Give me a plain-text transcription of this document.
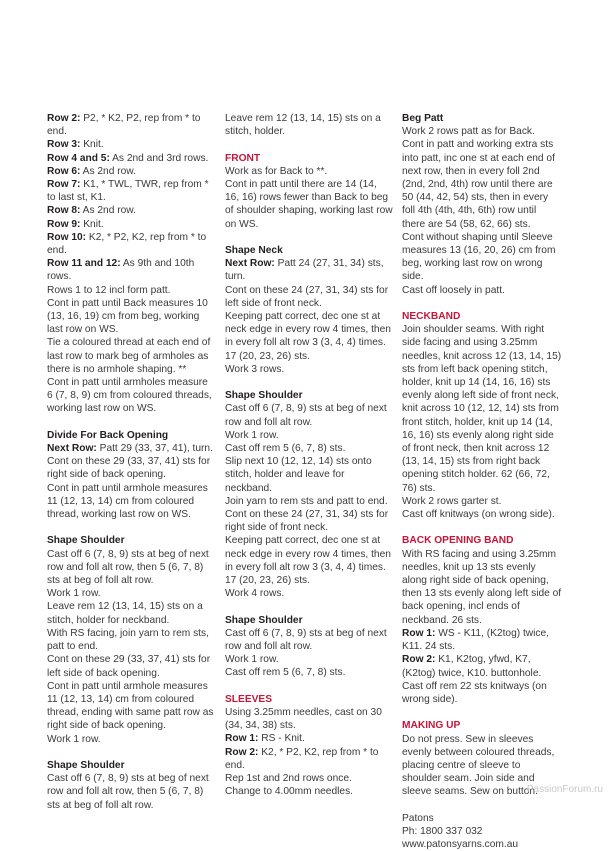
Row 2: P2, * K2, P2, rep from * to end.

Row 3: Knit.

Row 4 and 5: As 2nd and 3rd rows.

Row 6: As 2nd row.

Row 7: K1, * TWL, TWR, rep from * to last st, K1.

Row 8: As 2nd row.

Row 9: Knit.

Row 10: K2, * P2, K2, rep from * to end.

Row 11 and 12: As 9th and 10th rows.

Rows 1 to 12 incl form patt.

Cont in patt until Back measures 10 (13, 16, 19) cm from beg, working last row on WS.

Tie a coloured thread at each end of last row to mark beg of armholes as there is no armhole shaping. **

Cont in patt until armholes measure 6 (7, 8, 9) cm from coloured threads, working last row on WS.

Divide For Back Opening

Next Row: Patt 29 (33, 37, 41), turn.

Cont on these 29 (33, 37, 41) sts for right side of back opening.

Cont in patt until armhole measures 11 (12, 13, 14) cm from coloured thread, working last row on WS.

Shape Shoulder

Cast off 6 (7, 8, 9) sts at beg of next row and foll alt row, then 5 (6, 7, 8) sts at beg of foll alt row.

Work 1 row.

Leave rem 12 (13, 14, 15) sts on a stitch, holder for neckband.

With RS facing, join yarn to rem sts, patt to end.

Cont on these 29 (33, 37, 41) sts for left side of back opening.

Cont in patt until armhole measures 11 (12, 13, 14) cm from coloured thread, ending with same patt row as right side of back opening.

Work 1 row.

Shape Shoulder

Cast off 6 (7, 8, 9) sts at beg of next row and foll alt row, then 5 (6, 7, 8) sts at beg of foll alt row.

Leave rem 12 (13, 14, 15) sts on a stitch, holder.

FRONT

Work as for Back to **.

Cont in patt until there are 14 (14, 16, 16) rows fewer than Back to beg of shoulder shaping, working last row on WS.

Shape Neck

Next Row: Patt 24 (27, 31, 34) sts, turn.

Cont on these 24 (27, 31, 34) sts for left side of front neck.

Keeping patt correct, dec one st at neck edge in every row 4 times, then in every foll alt row 3 (3, 4, 4) times. 17 (20, 23, 26) sts.

Work 3 rows.

Shape Shoulder

Cast off 6 (7, 8, 9) sts at beg of next row and foll alt row.

Work 1 row.

Cast off rem 5 (6, 7, 8) sts.

Slip next 10 (12, 12, 14) sts onto stitch, holder and leave for neckband.

Join yarn to rem sts and patt to end.

Cont on these 24 (27, 31, 34) sts for right side of front neck.

Keeping patt correct, dec one st at neck edge in every row 4 times, then in every foll alt row 3 (3, 4, 4) times. 17 (20, 23, 26) sts.

Work 4 rows.

Shape Shoulder

Cast off 6 (7, 8, 9) sts at beg of next row and foll alt row.

Work 1 row.

Cast off rem 5 (6, 7, 8) sts.

SLEEVES

Using 3.25mm needles, cast on 30 (34, 34, 38) sts.

Row 1: RS - Knit.

Row 2: K2, * P2, K2, rep from * to end.

Rep 1st and 2nd rows once.

Change to 4.00mm needles.

Beg Patt

Work 2 rows patt as for Back.

Cont in patt and working extra sts into patt, inc one st at each end of next row, then in every foll 2nd (2nd, 2nd, 4th) row until there are 50 (44, 42, 54) sts, then in every foll 4th (4th, 4th, 6th) row until there are 54 (58, 62, 66) sts.

Cont without shaping until Sleeve measures 13 (16, 20, 26) cm from beg, working last row on wrong side.

Cast off loosely in patt.

NECKBAND

Join shoulder seams. With right side facing and using 3.25mm needles, knit across 12 (13, 14, 15) sts from left back opening stitch, holder, knit up 14 (14, 16, 16) sts evenly along left side of front neck, knit across 10 (12, 12, 14) sts from front stitch, holder, knit up 14 (14, 16, 16) sts evenly along right side of front neck, then knit across 12 (13, 14, 15) sts from right back opening stitch holder. 62 (66, 72, 76) sts.

Work 2 rows garter st.

Cast off knitways (on wrong side).

BACK OPENING BAND

With RS facing and using 3.25mm needles, knit up 13 sts evenly along right side of back opening, then 13 sts evenly along left side of back opening, incl ends of neckband. 26 sts.

Row 1: WS - K11, (K2tog) twice, K11. 24 sts.

Row 2: K1, K2tog, yfwd, K7, (K2tog) twice, K10. buttonhole.

Cast off rem 22 sts knitways (on wrong side).

MAKING UP

Do not press. Sew in sleeves evenly between coloured threads, placing centre of sleeve to shoulder seam. Join side and sleeve seams. Sew on button.

Patons

Ph: 1800 337 032

www.patonsyarns.com.au

PassionForum.ru
